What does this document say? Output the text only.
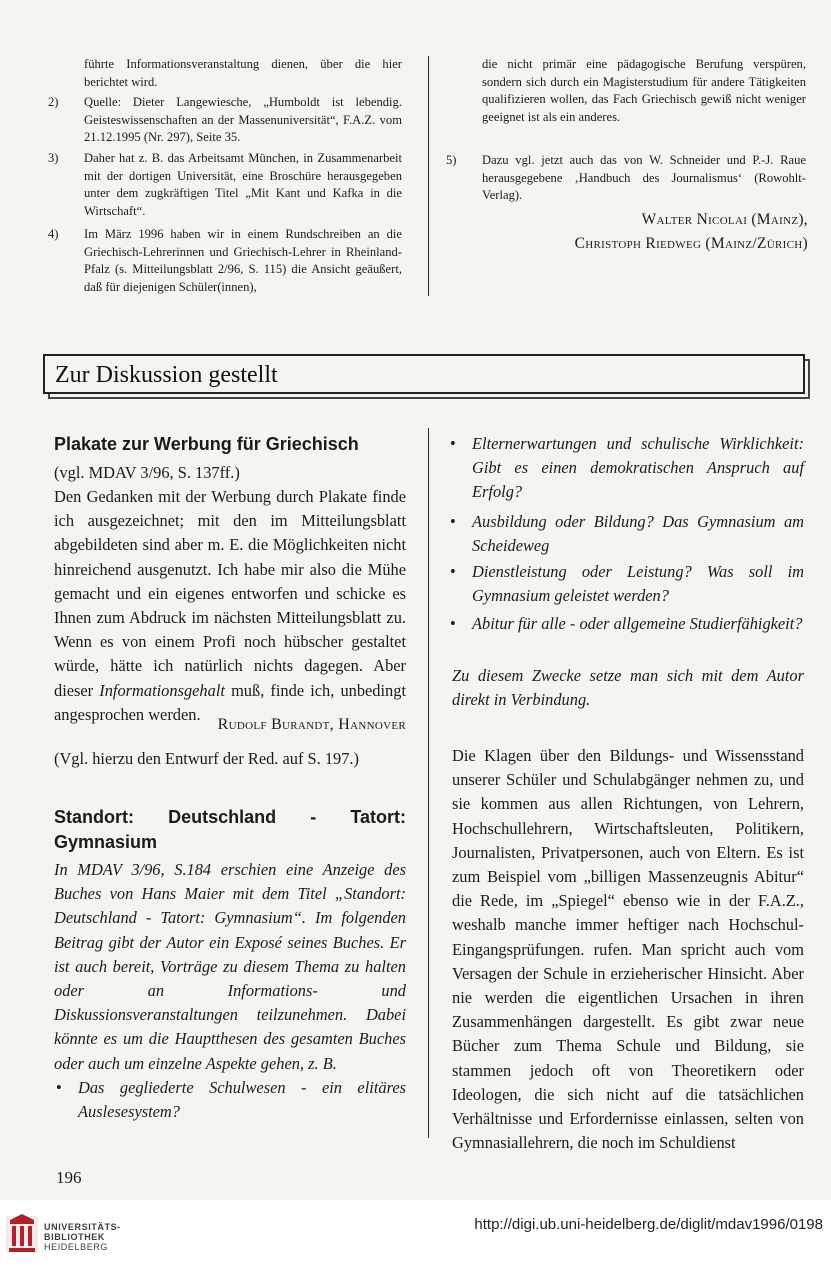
führte Informationsveranstaltung dienen, über die hier berichtet wird.
2) Quelle: Dieter Langewiesche, „Humboldt ist lebendig. Geisteswissenschaften an der Massenuniversität“, F.A.Z. vom 21.12.1995 (Nr. 297), Seite 35.
3) Daher hat z. B. das Arbeitsamt München, in Zusammenarbeit mit der dortigen Universität, eine Broschüre herausgegeben unter dem zugkräftigen Titel „Mit Kant und Kafka in die Wirtschaft“.
4) Im März 1996 haben wir in einem Rundschreiben an die Griechisch-Lehrerinnen und Griechisch-Lehrer in Rheinland-Pfalz (s. Mitteilungsblatt 2/96, S. 115) die Ansicht geäußert, daß für diejenigen Schüler(innen),
die nicht primär eine pädagogische Berufung verspüren, sondern sich durch ein Magisterstudium für andere Tätigkeiten qualifizieren wollen, das Fach Griechisch gewiß nicht weniger geeignet ist als ein anderes.
5) Dazu vgl. jetzt auch das von W. Schneider und P.-J. Raue herausgegebene ‚Handbuch des Journalismus‘ (Rowohlt-Verlag).
Walter Nicolai (Mainz),
Christoph Riedweg (Mainz/Zürich)
Zur Diskussion gestellt
Plakate zur Werbung für Griechisch
(vgl. MDAV 3/96, S. 137ff.)
Den Gedanken mit der Werbung durch Plakate finde ich ausgezeichnet; mit den im Mitteilungsblatt abgebildeten sind aber m. E. die Möglichkeiten nicht hinreichend ausgenutzt. Ich habe mir also die Mühe gemacht und ein eigenes entworfen und schicke es Ihnen zum Abdruck im nächsten Mitteilungsblatt zu. Wenn es von einem Profi noch hübscher gestaltet würde, hätte ich natürlich nichts dagegen. Aber dieser Informationsgehalt muß, finde ich, unbedingt angesprochen werden.
Rudolf Burandt, Hannover
(Vgl. hierzu den Entwurf der Red. auf S. 197.)
Standort: Deutschland - Tatort: Gymnasium
In MDAV 3/96, S.184 erschien eine Anzeige des Buches von Hans Maier mit dem Titel „Standort: Deutschland - Tatort: Gymnasium“. Im folgenden Beitrag gibt der Autor ein Exposé seines Buches. Er ist auch bereit, Vorträge zu diesem Thema zu halten oder an Informations- und Diskussionsveranstaltungen teilzunehmen. Dabei könnte es um die Hauptthesen des gesamten Buches oder auch um einzelne Aspekte gehen, z. B.
• Das gegliederte Schulwesen - ein elitäres Auslesesystem?
• Elternerwartungen und schulische Wirklichkeit: Gibt es einen demokratischen Anspruch auf Erfolg?
• Ausbildung oder Bildung? Das Gymnasium am Scheideweg
• Dienstleistung oder Leistung? Was soll im Gymnasium geleistet werden?
• Abitur für alle - oder allgemeine Studierfähigkeit?
Zu diesem Zwecke setze man sich mit dem Autor direkt in Verbindung.
Die Klagen über den Bildungs- und Wissensstand unserer Schüler und Schulabgänger nehmen zu, und sie kommen aus allen Richtungen, von Lehrern, Hochschullehrern, Wirtschaftsleuten, Politikern, Journalisten, Privatpersonen, auch von Eltern. Es ist zum Beispiel vom „billigen Massenzeugnis Abitur“ die Rede, im „Spiegel“ ebenso wie in der F.A.Z., weshalb manche immer heftiger nach Hochschul-Eingangsprüfungen. rufen. Man spricht auch vom Versagen der Schule in erzieherischer Hinsicht. Aber nie werden die eigentlichen Ursachen in ihren Zusammenhängen dargestellt. Es gibt zwar neue Bücher zum Thema Schule und Bildung, sie stammen jedoch oft von Theoretikern oder Ideologen, die sich nicht auf die tatsächlichen Verhältnisse und Erfordernisse einlassen, selten von Gymnasiallehrern, die noch im Schuldienst
196
UNIVERSITÄTS-
BIBLIOTHEK
HEIDELBERG
http://digi.ub.uni-heidelberg.de/diglit/mdav1996/0198
